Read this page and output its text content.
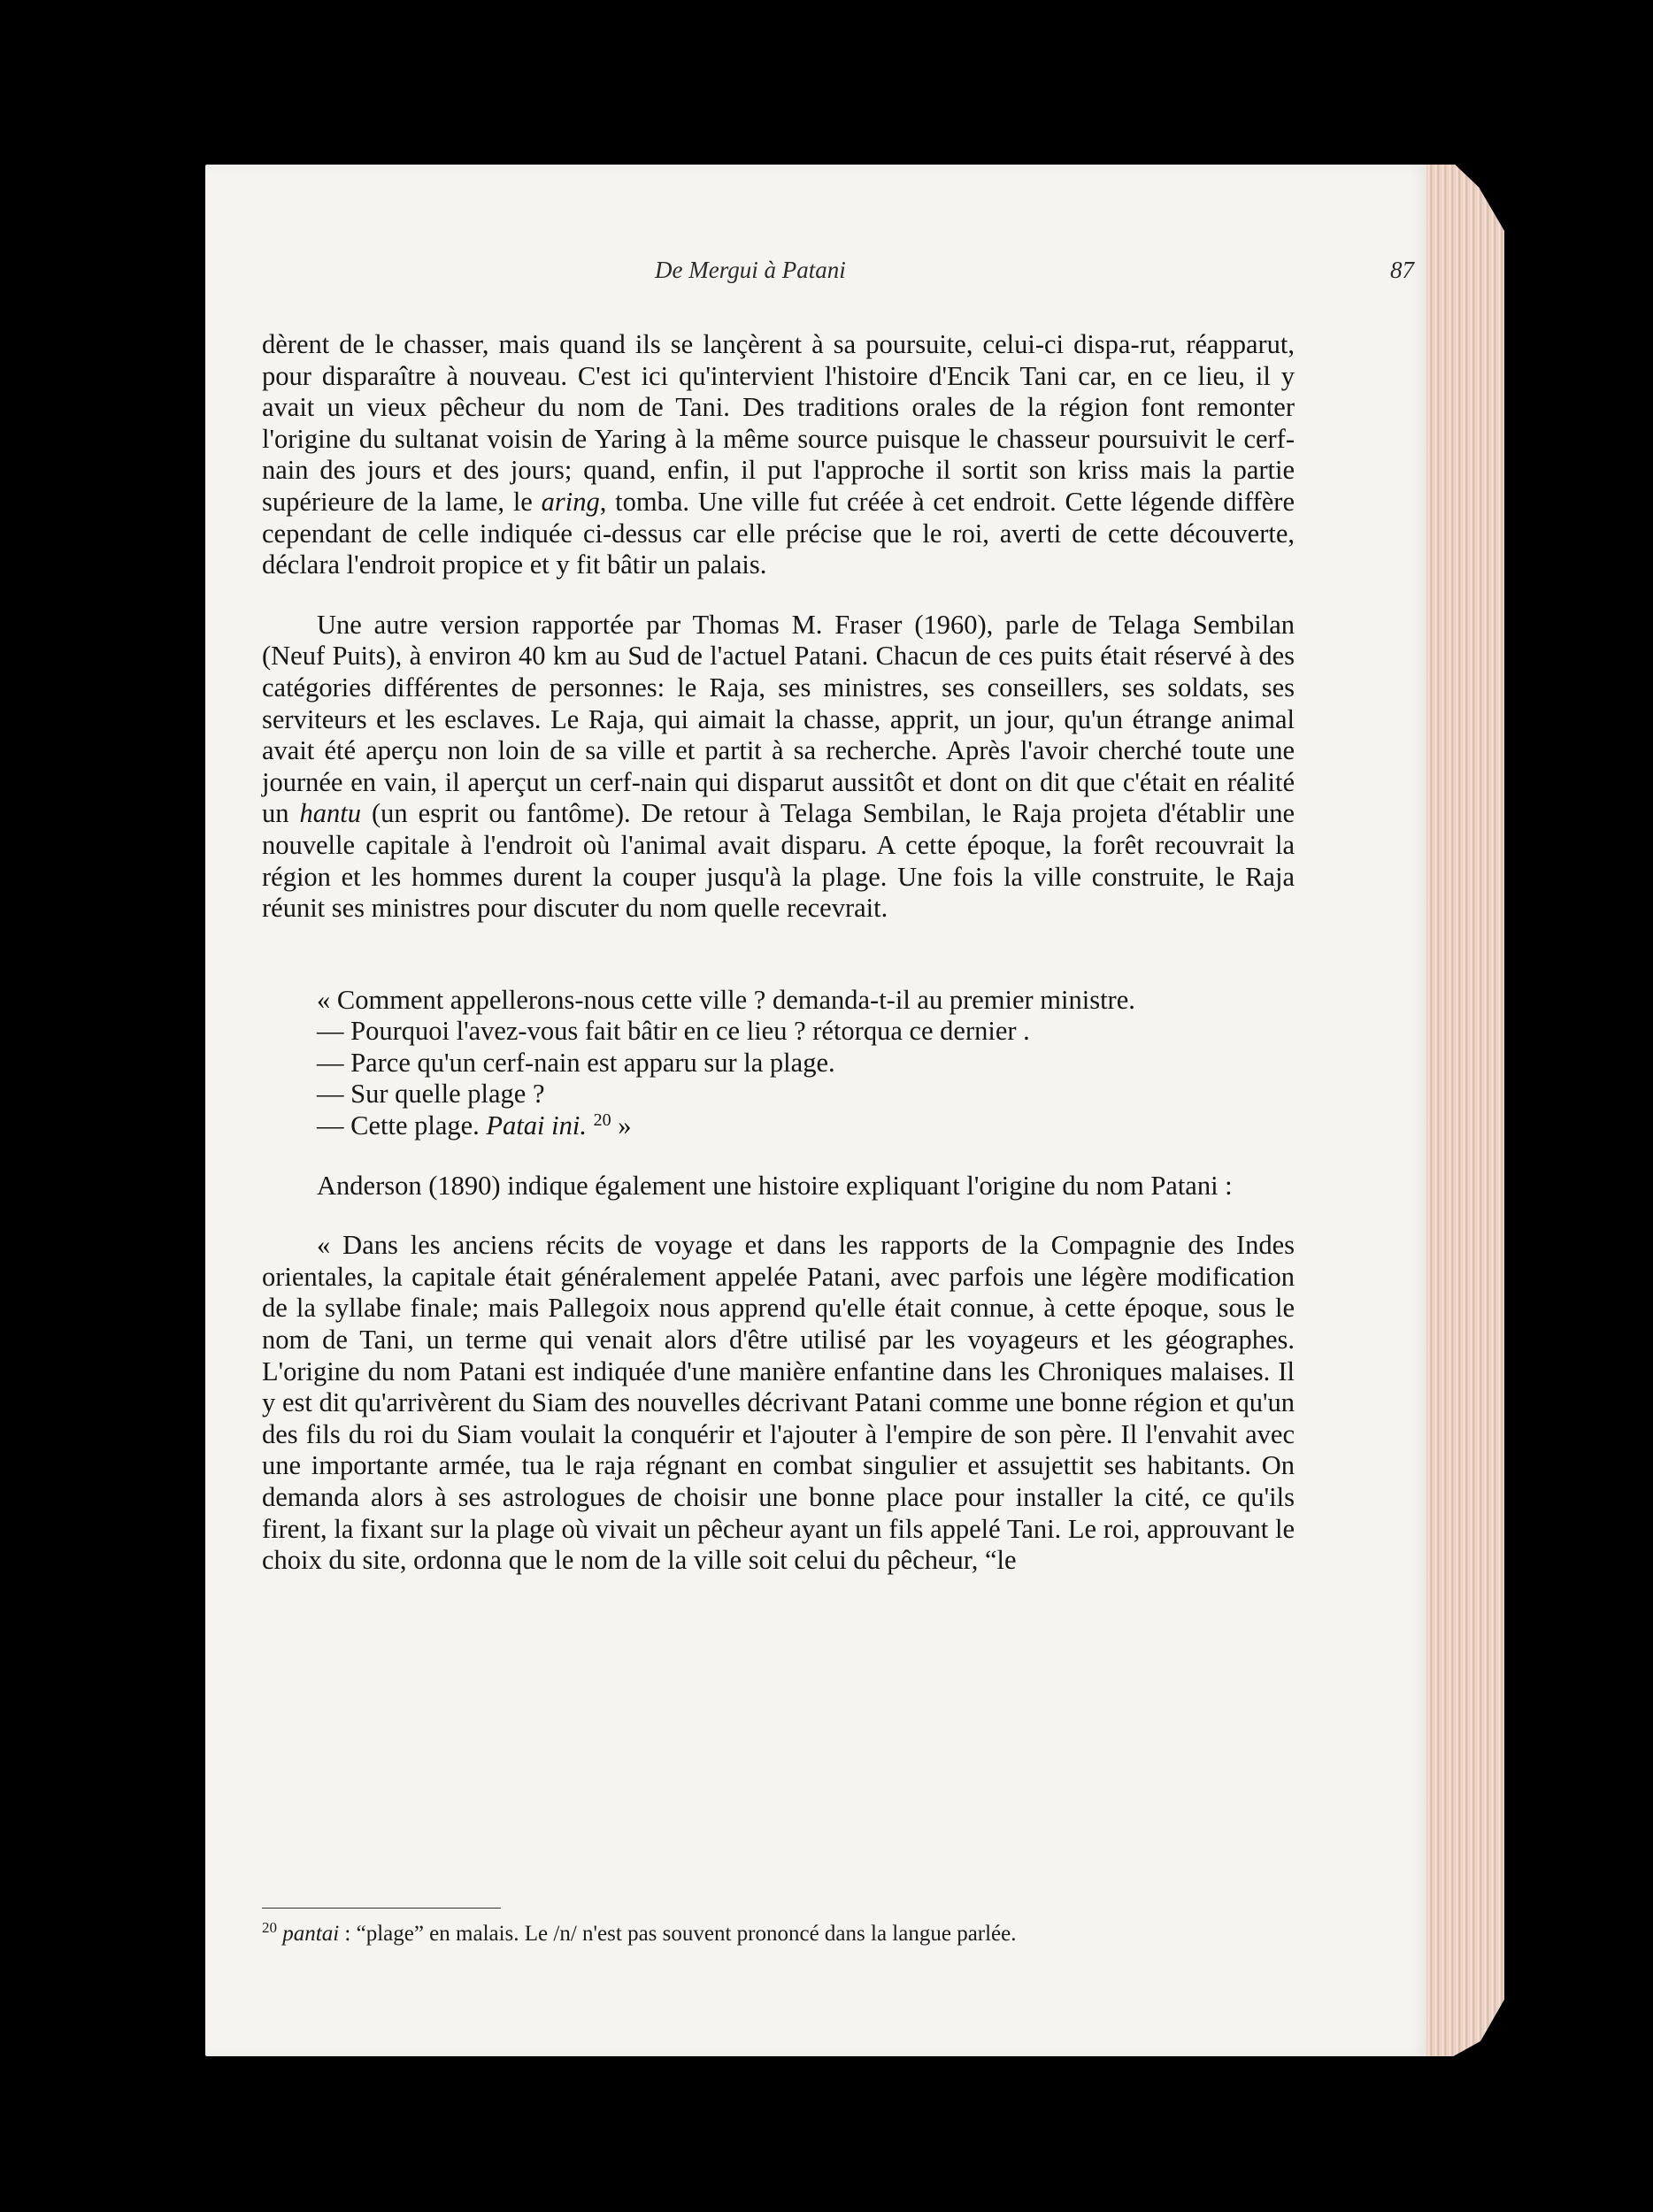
De Mergui à Patani	87

dèrent de le chasser, mais quand ils se lançèrent à sa poursuite, celui-ci dispa-rut, réapparut, pour disparaître à nouveau. C'est ici qu'intervient l'histoire d'Encik Tani car, en ce lieu, il y avait un vieux pêcheur du nom de Tani. Des traditions orales de la région font remonter l'origine du sultanat voisin de Yaring à la même source puisque le chasseur poursuivit le cerf-nain des jours et des jours; quand, enfin, il put l'approche il sortit son kriss mais la partie supérieure de la lame, le aring, tomba. Une ville fut créée à cet endroit. Cette légende diffère cependant de celle indiquée ci-dessus car elle précise que le roi, averti de cette découverte, déclara l'endroit propice et y fit bâtir un palais.

Une autre version rapportée par Thomas M. Fraser (1960), parle de Telaga Sembilan (Neuf Puits), à environ 40 km au Sud de l'actuel Patani. Chacun de ces puits était réservé à des catégories différentes de personnes: le Raja, ses ministres, ses conseillers, ses soldats, ses serviteurs et les esclaves. Le Raja, qui aimait la chasse, apprit, un jour, qu'un étrange animal avait été aperçu non loin de sa ville et partit à sa recherche. Après l'avoir cherché toute une journée en vain, il aperçut un cerf-nain qui disparut aussitôt et dont on dit que c'était en réalité un hantu (un esprit ou fantôme). De retour à Telaga Sembilan, le Raja projeta d'établir une nouvelle capitale à l'endroit où l'animal avait disparu. A cette époque, la forêt recouvrait la région et les hommes durent la couper jusqu'à la plage. Une fois la ville construite, le Raja réunit ses ministres pour discuter du nom quelle recevrait.

« Comment appellerons-nous cette ville ? demanda-t-il au premier ministre.

— Pourquoi l'avez-vous fait bâtir en ce lieu ? rétorqua ce dernier .

— Parce qu'un cerf-nain est apparu sur la plage.

— Sur quelle plage ?

— Cette plage. Patai ini. $^{20}$ »

Anderson (1890) indique également une histoire expliquant l'origine du nom Patani :

« Dans les anciens récits de voyage et dans les rapports de la Compagnie des Indes orientales, la capitale était généralement appelée Patani, avec parfois une légère modification de la syllabe finale; mais Pallegoix nous apprend qu'elle était connue, à cette époque, sous le nom de Tani, un terme qui venait alors d'être utilisé par les voyageurs et les géographes. L'origine du nom Patani est indiquée d'une manière enfantine dans les Chroniques malaises. Il y est dit qu'arrivèrent du Siam des nouvelles décrivant Patani comme une bonne région et qu'un des fils du roi du Siam voulait la conquérir et l'ajouter à l'empire de son père. Il l'envahit avec une importante armée, tua le raja régnant en combat singulier et assujettit ses habitants. On demanda alors à ses astrologues de choisir une bonne place pour installer la cité, ce qu'ils firent, la fixant sur la plage où vivait un pêcheur ayant un fils appelé Tani. Le roi, approuvant le choix du site, ordonna que le nom de la ville soit celui du pêcheur, “le

$^{20}$ pantai : “plage” en malais. Le /n/ n'est pas souvent prononcé dans la langue parlée.
